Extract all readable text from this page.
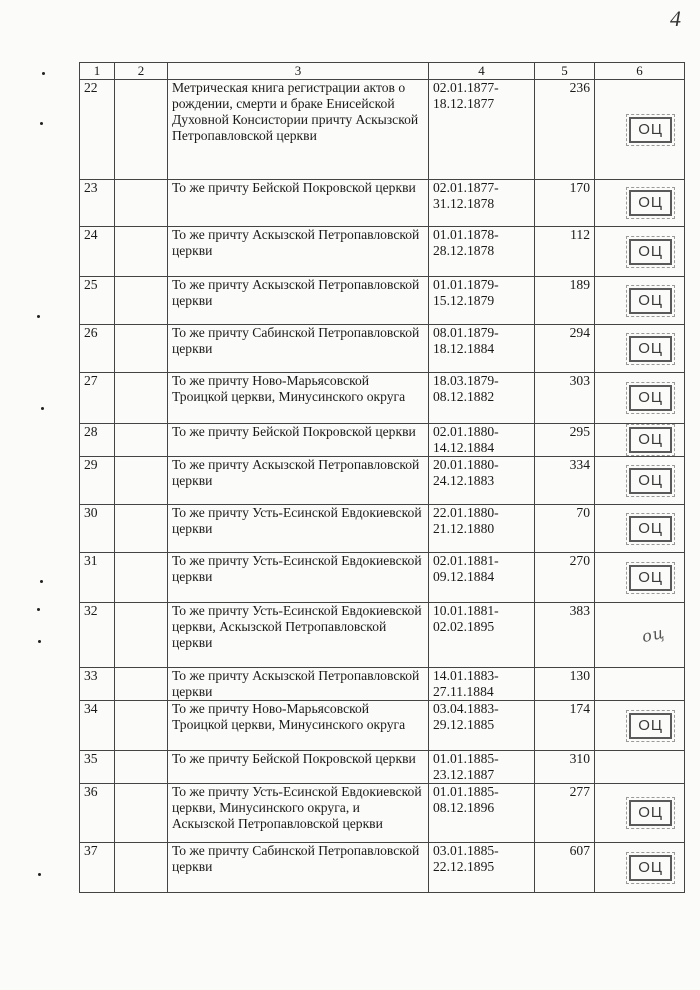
4
1	2	3	4	5	6
22		Метрическая книга регистрации актов о рождении, смерти и браке Енисейской Духовной Консистории причту Аскызской Петропавловской церкви	02.01.1877-18.12.1877	236	ОЦ

23		То же причту Бейской Покровской церкви	02.01.1877-31.12.1878	170	ОЦ

24		То же причту Аскызской Петропавловской церкви	01.01.1878-28.12.1878	112	ОЦ

25		То же причту Аскызской Петропавловской церкви	01.01.1879-15.12.1879	189	ОЦ

26		То же причту Сабинской Петропавловской церкви	08.01.1879-18.12.1884	294	ОЦ

27		То же причту Ново-Марьясовской Троицкой церкви, Минусинского округа	18.03.1879-08.12.1882	303	ОЦ

28		То же причту Бейской Покровской церкви	02.01.1880-14.12.1884	295	ОЦ

29		То же причту Аскызской Петропавловской церкви	20.01.1880-24.12.1883	334	ОЦ

30		То же причту Усть-Есинской Евдокиевской церкви	22.01.1880-21.12.1880	70	ОЦ

31		То же причту Усть-Есинской Евдокиевской церкви	02.01.1881-09.12.1884	270	ОЦ

32		То же причту Усть-Есинской Евдокиевской церкви, Аскызской Петропавловской церкви	10.01.1881-02.02.1895	383	оц

33		То же причту Аскызской Петропавловской церкви	14.01.1883-27.11.1884	130	
34		То же причту Ново-Марьясовской Троицкой церкви, Минусинского округа	03.04.1883-29.12.1885	174	ОЦ

35		То же причту Бейской Покровской церкви	01.01.1885-23.12.1887	310	
36		То же причту Усть-Есинской Евдокиевской церкви, Минусинского округа, и Аскызской Петропавловской церкви	01.01.1885-08.12.1896	277	ОЦ

37		То же причту Сабинской Петропавловской церкви	03.01.1885-22.12.1895	607	ОЦ
